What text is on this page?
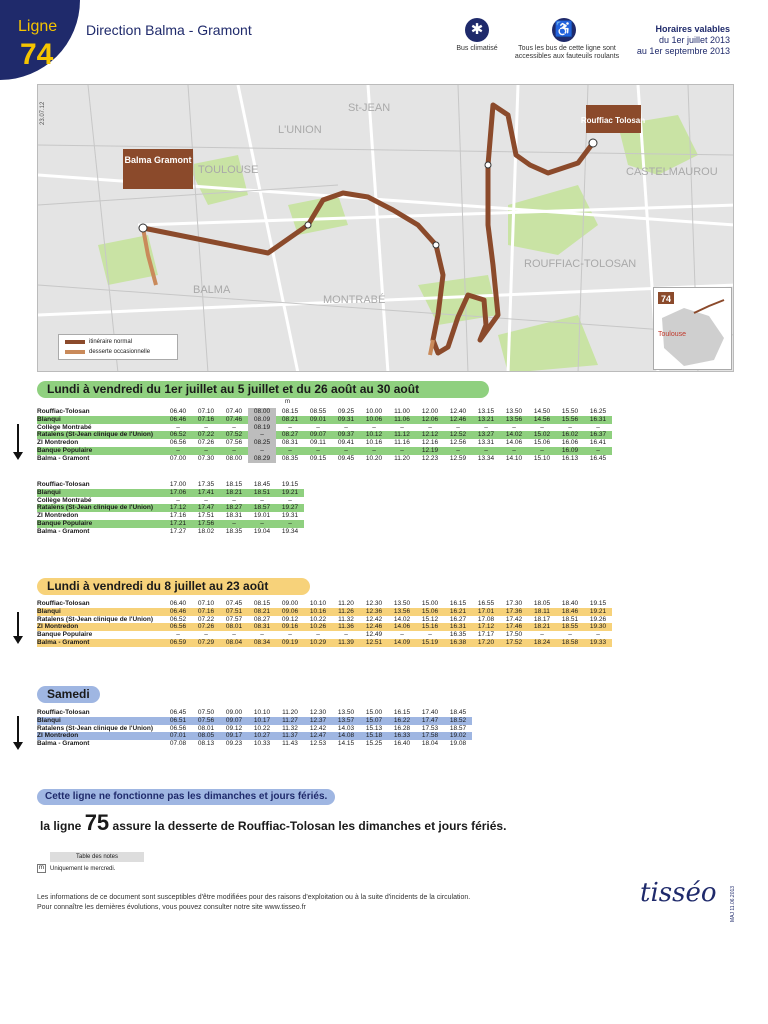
Ligne
74
Direction Balma - Gramont	✱
Bus climatisé
♿
Tous les bus de cette ligne sont accessibles aux fauteuils roulants
Horaires valables
du 1er juillet 2013
au 1er septembre 2013
St-JEAN
L'UNION
TOULOUSE
BALMA
MONTRABÉ
ROUFFIAC-TOLOSAN
CASTELMAUROU
Balma Gramont
Rouffiac Tolosan
23.07.12
itinéraire normal
desserte occasionnelle
74
Toulouse
Lundi à vendredi du 1er juillet au 5 juillet et du 26 août au 30 août
m
Rouffiac-Tolosan	06.40	07.10	07.40	08.00	08.15	08.55	09.25	10.00	11.00	12.00	12.40	13.15	13.50	14.50	15.50	16.25
Blanqui	06.46	07.16	07.46	08.09	08.21	09.01	09.31	10.06	11.06	12.06	12.46	13.21	13.56	14.56	15.56	16.31
Collège Montrabé	–	–	–	08.19	–	–	–	–	–	–	–	–	–	–	–	–
Rataïens (St-Jean clinique de l'Union)	06.52	07.22	07.52	–	08.27	09.07	09.37	10.12	11.12	12.12	12.52	13.27	14.02	15.02	16.02	16.37
ZI Montredon	06.56	07.26	07.56	08.25	08.31	09.11	09.41	10.16	11.16	12.16	12.56	13.31	14.06	15.06	16.06	16.41
Banque Populaire	–	–	–	–	–	–	–	–	–	12.19	–	–	–	–	16.09	–
Balma - Gramont	07.00	07.30	08.00	08.29	08.35	09.15	09.45	10.20	11.20	12.23	12.59	13.34	14.10	15.10	16.13	16.45
Rouffiac-Tolosan	17.00	17.35	18.15	18.45	19.15
Blanqui	17.06	17.41	18.21	18.51	19.21
Collège Montrabé	–	–	–	–	–
Rataïens (St-Jean clinique de l'Union)	17.12	17.47	18.27	18.57	19.27
ZI Montredon	17.16	17.51	18.31	19.01	19.31
Banque Populaire	17.21	17.56	–	–	–
Balma - Gramont	17.27	18.02	18.35	19.04	19.34
Lundi à vendredi du 8 juillet au 23 août
Rouffiac-Tolosan	06.40	07.10	07.45	08.15	09.00	10.10	11.20	12.30	13.50	15.00	16.15	16.55	17.30	18.05	18.40	19.15
Blanqui	06.46	07.16	07.51	08.21	09.06	10.16	11.26	12.36	13.56	15.06	16.21	17.01	17.36	18.11	18.46	19.21
Rataïens (St-Jean clinique de l'Union)	06.52	07.22	07.57	08.27	09.12	10.22	11.32	12.42	14.02	15.12	16.27	17.08	17.42	18.17	18.51	19.26
ZI Montredon	06.56	07.26	08.01	08.31	09.16	10.26	11.36	12.46	14.06	15.16	16.31	17.12	17.46	18.21	18.55	19.30
Banque Populaire	–	–	–	–	–	–	–	12.49	–	–	16.35	17.17	17.50	–	–	–
Balma - Gramont	06.59	07.29	08.04	08.34	09.19	10.29	11.39	12.51	14.09	15.19	16.38	17.20	17.52	18.24	18.58	19.33
Samedi
Rouffiac-Tolosan	06.45	07.50	09.00	10.10	11.20	12.30	13.50	15.00	16.15	17.40	18.45
Blanqui	06.51	07.56	09.07	10.17	11.27	12.37	13.57	15.07	16.22	17.47	18.52
Rataïens (St-Jean clinique de l'Union)	06.56	08.01	09.12	10.22	11.32	12.42	14.03	15.13	16.28	17.53	18.57
ZI Montredon	07.01	08.05	09.17	10.27	11.37	12.47	14.08	15.18	16.33	17.58	19.02
Balma - Gramont	07.08	08.13	09.23	10.33	11.43	12.53	14.15	15.25	16.40	18.04	19.08
Cette ligne ne fonctionne pas les dimanches et jours fériés.
la ligne 75 assure la desserte de Rouffiac-Tolosan les dimanches et jours fériés.
Table des notes
m	Uniquement le mercredi.
Les informations de ce document sont susceptibles d'être modifiées pour des raisons d'exploitation ou à la suite d'incidents de la circulation.
Pour connaître les dernières évolutions, vous pouvez consulter notre site www.tisseo.fr	tisséo	MAJ 11.06.2013
